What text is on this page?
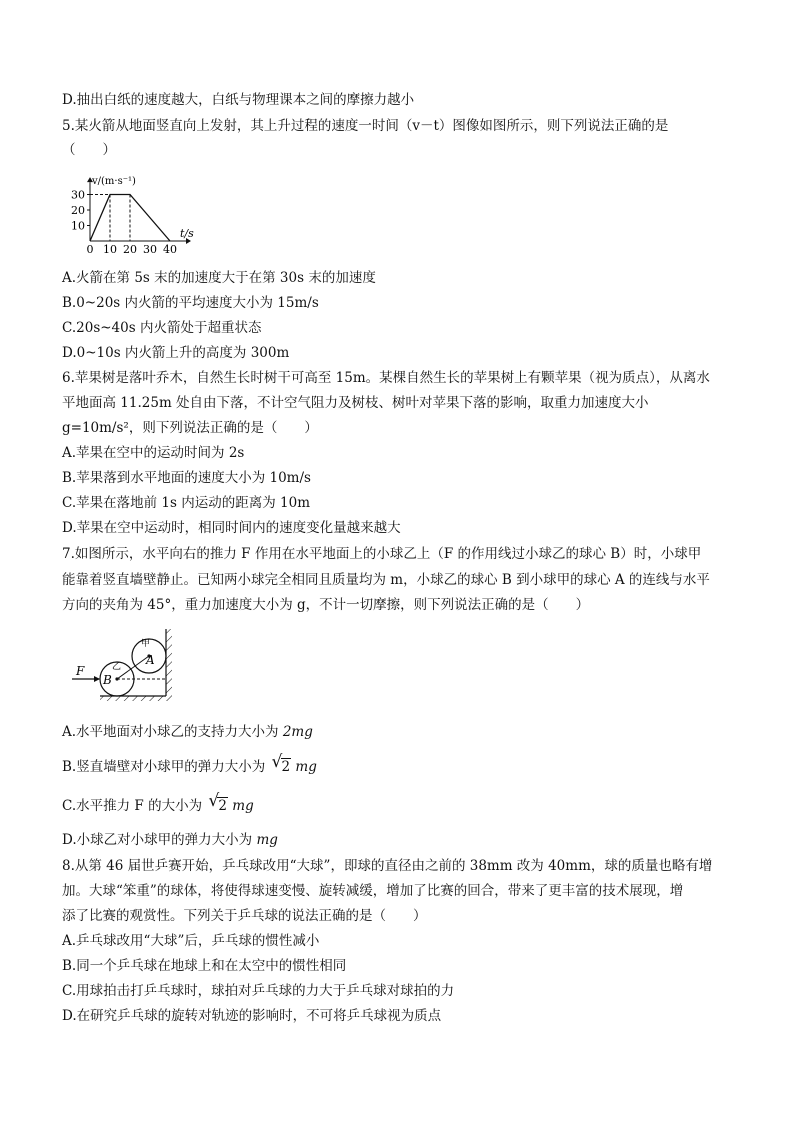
D.抽出白纸的速度越大，白纸与物理课本之间的摩擦力越小
5.某火箭从地面竖直向上发射，其上升过程的速度一时间（v－t）图像如图所示，则下列说法正确的是
（　　）
v/(m·s⁻¹)
t/s
10
20
30
0 10 20 30 40
A.火箭在第 5s 末的加速度大于在第 30s 末的加速度
B.0~20s 内火箭的平均速度大小为 15m/s
C.20s~40s 内火箭处于超重状态
D.0~10s 内火箭上升的高度为 300m
6.苹果树是落叶乔木，自然生长时树干可高至 15m。某棵自然生长的苹果树上有颗苹果（视为质点），从离水
平地面高 11.25m 处自由下落，不计空气阻力及树枝、树叶对苹果下落的影响，取重力加速度大小
g=10m/s²，则下列说法正确的是（　　）
A.苹果在空中的运动时间为 2s
B.苹果落到水平地面的速度大小为 10m/s
C.苹果在落地前 1s 内运动的距离为 10m
D.苹果在空中运动时，相同时间内的速度变化量越来越大
7.如图所示，水平向右的推力 F 作用在水平地面上的小球乙上（F 的作用线过小球乙的球心 B）时，小球甲
能靠着竖直墙壁静止。已知两小球完全相同且质量均为 m，小球乙的球心 B 到小球甲的球心 A 的连线与水平
方向的夹角为 45°，重力加速度大小为 g，不计一切摩擦，则下列说法正确的是（　　）
F
B
A
甲
乙
A.水平地面对小球乙的支持力大小为 2mg
B.竖直墙壁对小球甲的弹力大小为 √ 2 mg
C.水平推力 F 的大小为 √ 2 mg
D.小球乙对小球甲的弹力大小为 mg
8.从第 46 届世乒赛开始，乒乓球改用“大球”，即球的直径由之前的 38mm 改为 40mm，球的质量也略有增
加。大球“笨重”的球体，将使得球速变慢、旋转减缓，增加了比赛的回合，带来了更丰富的技术展现，增
添了比赛的观赏性。下列关于乒乓球的说法正确的是（　　）
A.乒乓球改用“大球”后，乒乓球的惯性减小
B.同一个乒乓球在地球上和在太空中的惯性相同
C.用球拍击打乒乓球时，球拍对乒乓球的力大于乒乓球对球拍的力
D.在研究乒乓球的旋转对轨迹的影响时，不可将乒乓球视为质点
